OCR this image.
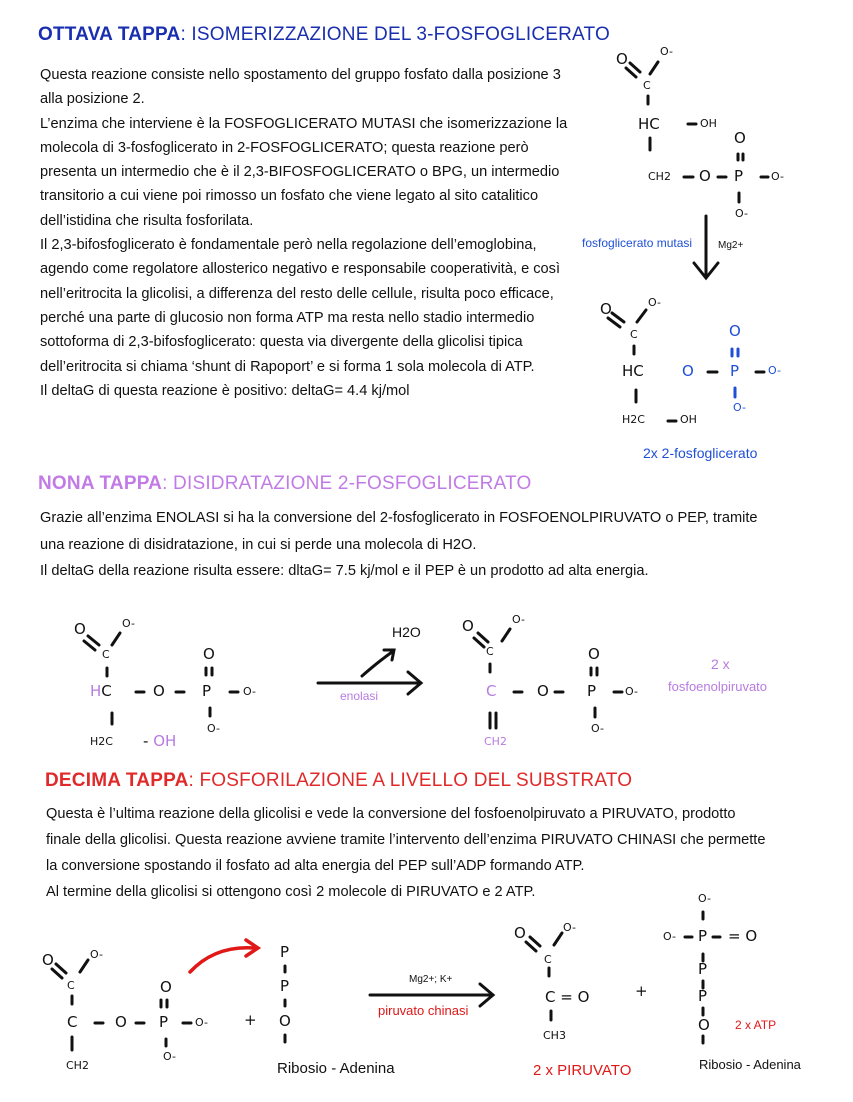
OTTAVA TAPPA: ISOMERIZZAZIONE DEL 3-FOSFOGLICERATO
Questa reazione consiste nello spostamento del gruppo fosfato dalla posizione 3
alla posizione 2.
L’enzima che interviene è la FOSFOGLICERATO MUTASI che isomerizzazione la
molecola di 3-fosfoglicerato in 2-FOSFOGLICERATO; questa reazione però
presenta un intermedio che è il 2,3-BIFOSFOGLICERATO o BPG, un intermedio
transitorio a cui viene poi rimosso un fosfato che viene legato al sito catalitico
dell’istidina che risulta fosforilata.
Il 2,3-bifosfoglicerato è fondamentale però nella regolazione dell’emoglobina,
agendo come regolatore allosterico negativo e responsabile cooperatività, e così
nell’eritrocita la glicolisi, a differenza del resto delle cellule, risulta poco efficace,
perché una parte di glucosio non forma ATP ma resta nello stadio intermedio
sottoforma di 2,3-bifosfoglicerato: questa via divergente della glicolisi tipica
dell’eritrocita si chiama ‘shunt di Rapoport’ e si forma 1 sola molecola di ATP.
Il deltaG di questa reazione è positivo: deltaG= 4.4 kj/mol
O	O-
C
HC	OH
O
CH2 O P	O-
O-
fosfoglicerato mutasi	Mg2+
O	O-
C
HC	O
O
P	O-
O-
H2C	OH
2x 2-fosfoglicerato
NONA TAPPA: DISIDRATAZIONE 2-FOSFOGLICERATO
Grazie all’enzima ENOLASI si ha la conversione del 2-fosfoglicerato in FOSFOENOLPIRUVATO o PEP, tramite
una reazione di disidratazione, in cui si perde una molecola di H2O.
Il deltaG della reazione risulta essere: dltaG= 7.5 kj/mol e il PEP è un prodotto ad alta energia.
O	O-
C
HC	O
O
P	O-
O-
H2C - OH
H2O
enolasi
O	O-
C
C	O
O
P	O-
O-
CH2
2 x
fosfoenolpiruvato
DECIMA TAPPA: FOSFORILAZIONE A LIVELLO DEL SUBSTRATO
Questa è l’ultima reazione della glicolisi e vede la conversione del fosfoenolpiruvato a PIRUVATO, prodotto
finale della glicolisi. Questa reazione avviene tramite l’intervento dell’enzima PIRUVATO CHINASI che permette
la conversione spostando il fosfato ad alta energia del PEP sull’ADP formando ATP.
Al termine della glicolisi si ottengono così 2 molecole di PIRUVATO e 2 ATP.
O	O-
C
C	O
O
P O-
O-
CH2
+
P
P
O
Ribosio - Adenina
Mg2+; K+
piruvato chinasi
O	O-
C
C = O
CH3
2 x PIRUVATO
+
O-
O- P = O
P
P
O 2 x ATP
Ribosio - Adenina
